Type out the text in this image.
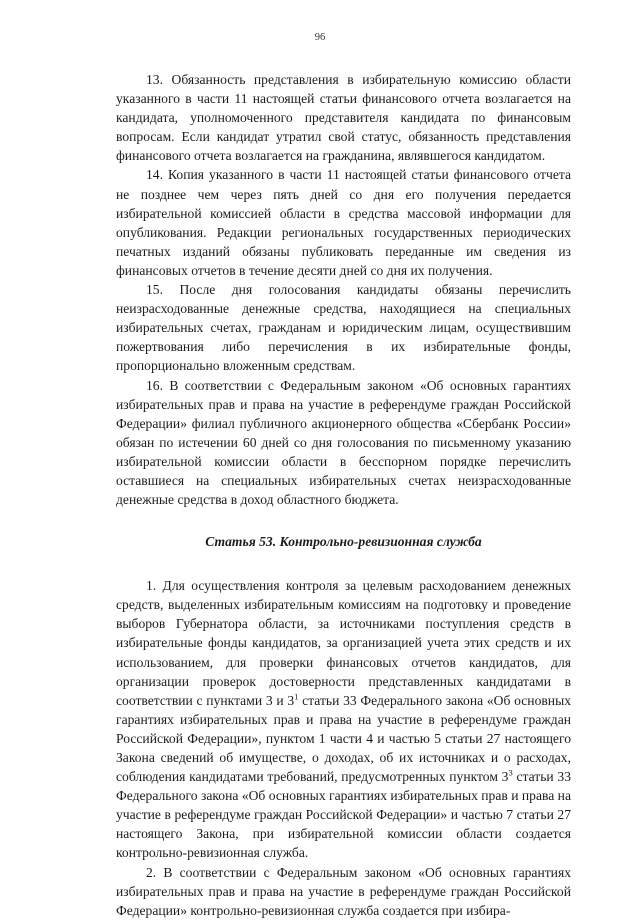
96

13. Обязанность представления в избирательную комиссию области указанного в части 11 настоящей статьи финансового отчета возлагается на кандидата, уполномоченного представителя кандидата по финансовым вопросам. Если кандидат утратил свой статус, обязанность представления финансового отчета возлагается на гражданина, являвшегося кандидатом.

14. Копия указанного в части 11 настоящей статьи финансового отчета не позднее чем через пять дней со дня его получения передается избирательной комиссией области в средства массовой информации для опубликования. Редакции региональных государственных периодических печатных изданий обязаны публиковать переданные им сведения из финансовых отчетов в течение десяти дней со дня их получения.

15. После дня голосования кандидаты обязаны перечислить неизрасходованные денежные средства, находящиеся на специальных избирательных счетах, гражданам и юридическим лицам, осуществившим пожертвования либо перечисления в их избирательные фонды, пропорционально вложенным средствам.

16. В соответствии с Федеральным законом «Об основных гарантиях избирательных прав и права на участие в референдуме граждан Российской Федерации» филиал публичного акционерного общества «Сбербанк России» обязан по истечении 60 дней со дня голосования по письменному указанию избирательной комиссии области в бесспорном порядке перечислить оставшиеся на специальных избирательных счетах неизрасходованные денежные средства в доход областного бюджета.

Статья 53. Контрольно-ревизионная служба

1. Для осуществления контроля за целевым расходованием денежных средств, выделенных избирательным комиссиям на подготовку и проведение выборов Губернатора области, за источниками поступления средств в избирательные фонды кандидатов, за организацией учета этих средств и их использованием, для проверки финансовых отчетов кандидатов, для организации проверок достоверности представленных кандидатами в соответствии с пунктами 3 и $3^1$ статьи 33 Федерального закона «Об основных гарантиях избирательных прав и права на участие в референдуме граждан Российской Федерации», пунктом 1 части 4 и частью 5 статьи 27 настоящего Закона сведений об имуществе, о доходах, об их источниках и о расходах, соблюдения кандидатами требований, предусмотренных пунктом $3^3$ статьи 33 Федерального закона «Об основных гарантиях избирательных прав и права на участие в референдуме граждан Российской Федерации» и частью 7 статьи 27 настоящего Закона, при избирательной комиссии области создается контрольно-ревизионная служба.

2. В соответствии с Федеральным законом «Об основных гарантиях избирательных прав и права на участие в референдуме граждан Российской Федерации» контрольно-ревизионная служба создается при избира-
